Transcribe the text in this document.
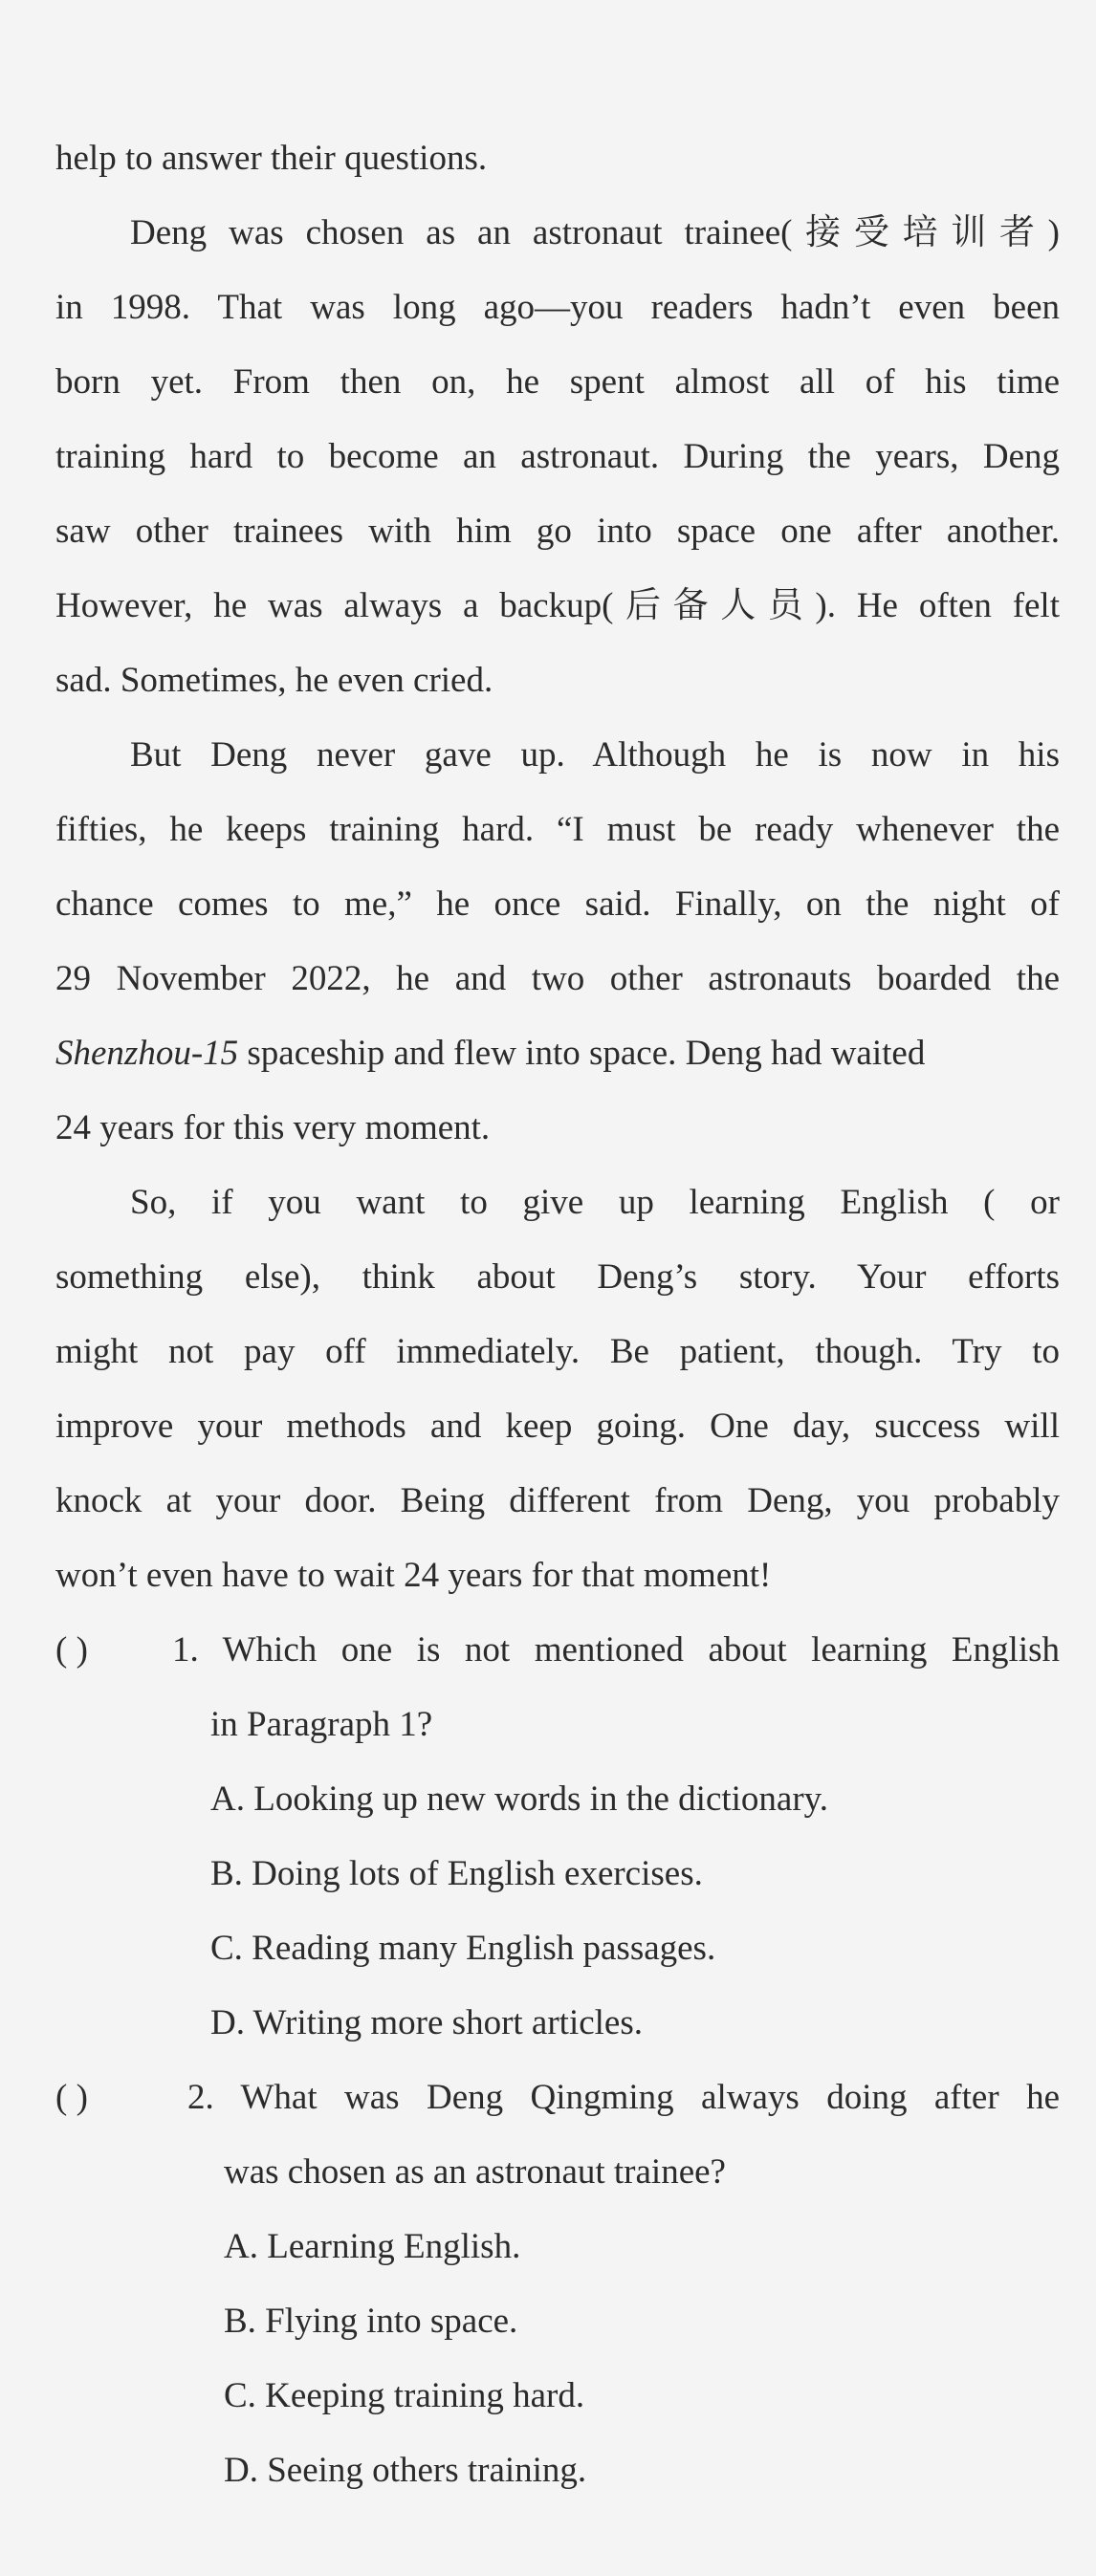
help to answer their questions.
Deng was chosen as an astronaut trainee(接受培训者)
in 1998. That was long ago—you readers hadn’t even been
born yet. From then on, he spent almost all of his time
training hard to become an astronaut. During the years, Deng
saw other trainees with him go into space one after another.
However, he was always a backup(后备人员). He often felt
sad. Sometimes, he even cried.
But Deng never gave up. Although he is now in his
fifties, he keeps training hard. “I must be ready whenever the
chance comes to me,” he once said. Finally, on the night of
29 November 2022, he and two other astronauts boarded the
Shenzhou-15 spaceship and flew into space. Deng had waited
24 years for this very moment.
So, if you want to give up learning English ( or
something else), think about Deng’s story. Your efforts
might not pay off immediately. Be patient, though. Try to
improve your methods and keep going. One day, success will
knock at your door. Being different from Deng, you probably
won’t even have to wait 24 years for that moment!
( ) 1. Which one is not mentioned about learning English
in Paragraph 1?
A. Looking up new words in the dictionary.
B. Doing lots of English exercises.
C. Reading many English passages.
D. Writing more short articles.
( )	2. What was Deng Qingming always doing after he
was chosen as an astronaut trainee?
A. Learning English.
B. Flying into space.
C. Keeping training hard.
D. Seeing others training.
